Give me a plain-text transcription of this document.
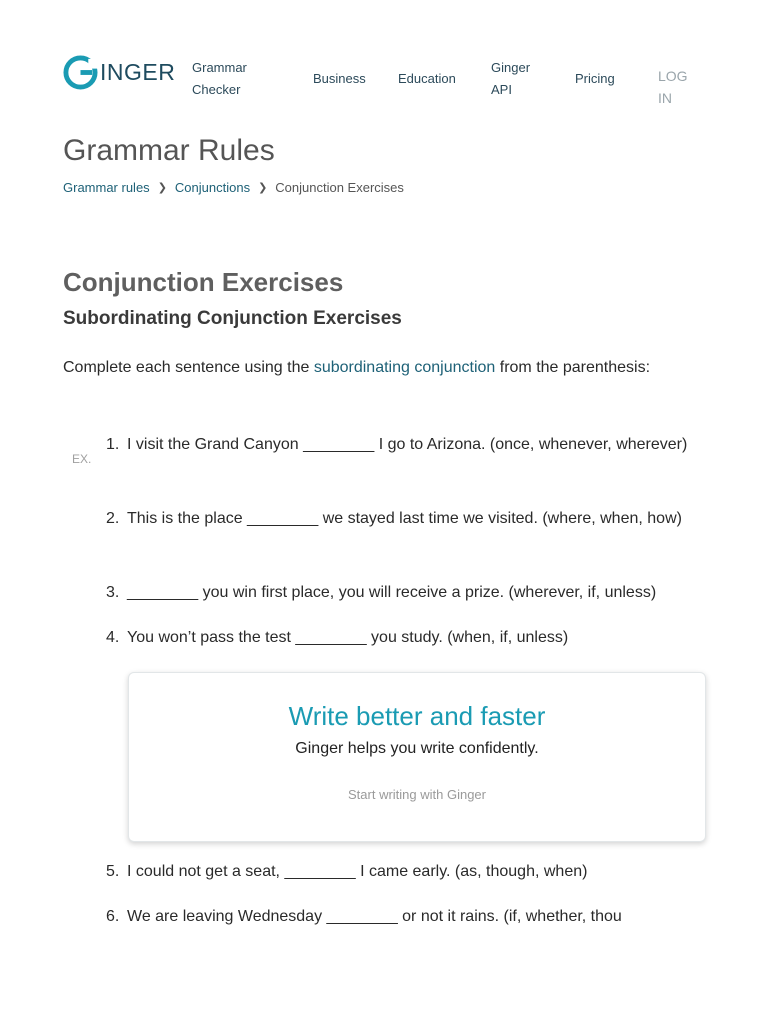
INGER Grammar Checker
Business Education
Ginger API
Pricing	LOG IN
Grammar Rules
Grammar rules ❯ Conjunctions ❯ Conjunction Exercises
Conjunction Exercises
Subordinating Conjunction Exercises

Complete each sentence using the subordinating conjunction from the parenthesis:

EX.
1. I visit the Grand Canyon ________ I go to Arizona. (once, whenever, wherever)
2. This is the place ________ we stayed last time we visited. (where, when, how)
3. ________ you win first place, you will receive a prize. (wherever, if, unless)
4. You won’t pass the test ________ you study. (when, if, unless)
Write better and faster
Ginger helps you write confidently.
Start writing with Ginger
5. I could not get a seat, ________ I came early. (as, though, when)
6. We are leaving Wednesday ________ or not it rains. (if, whether, thou
